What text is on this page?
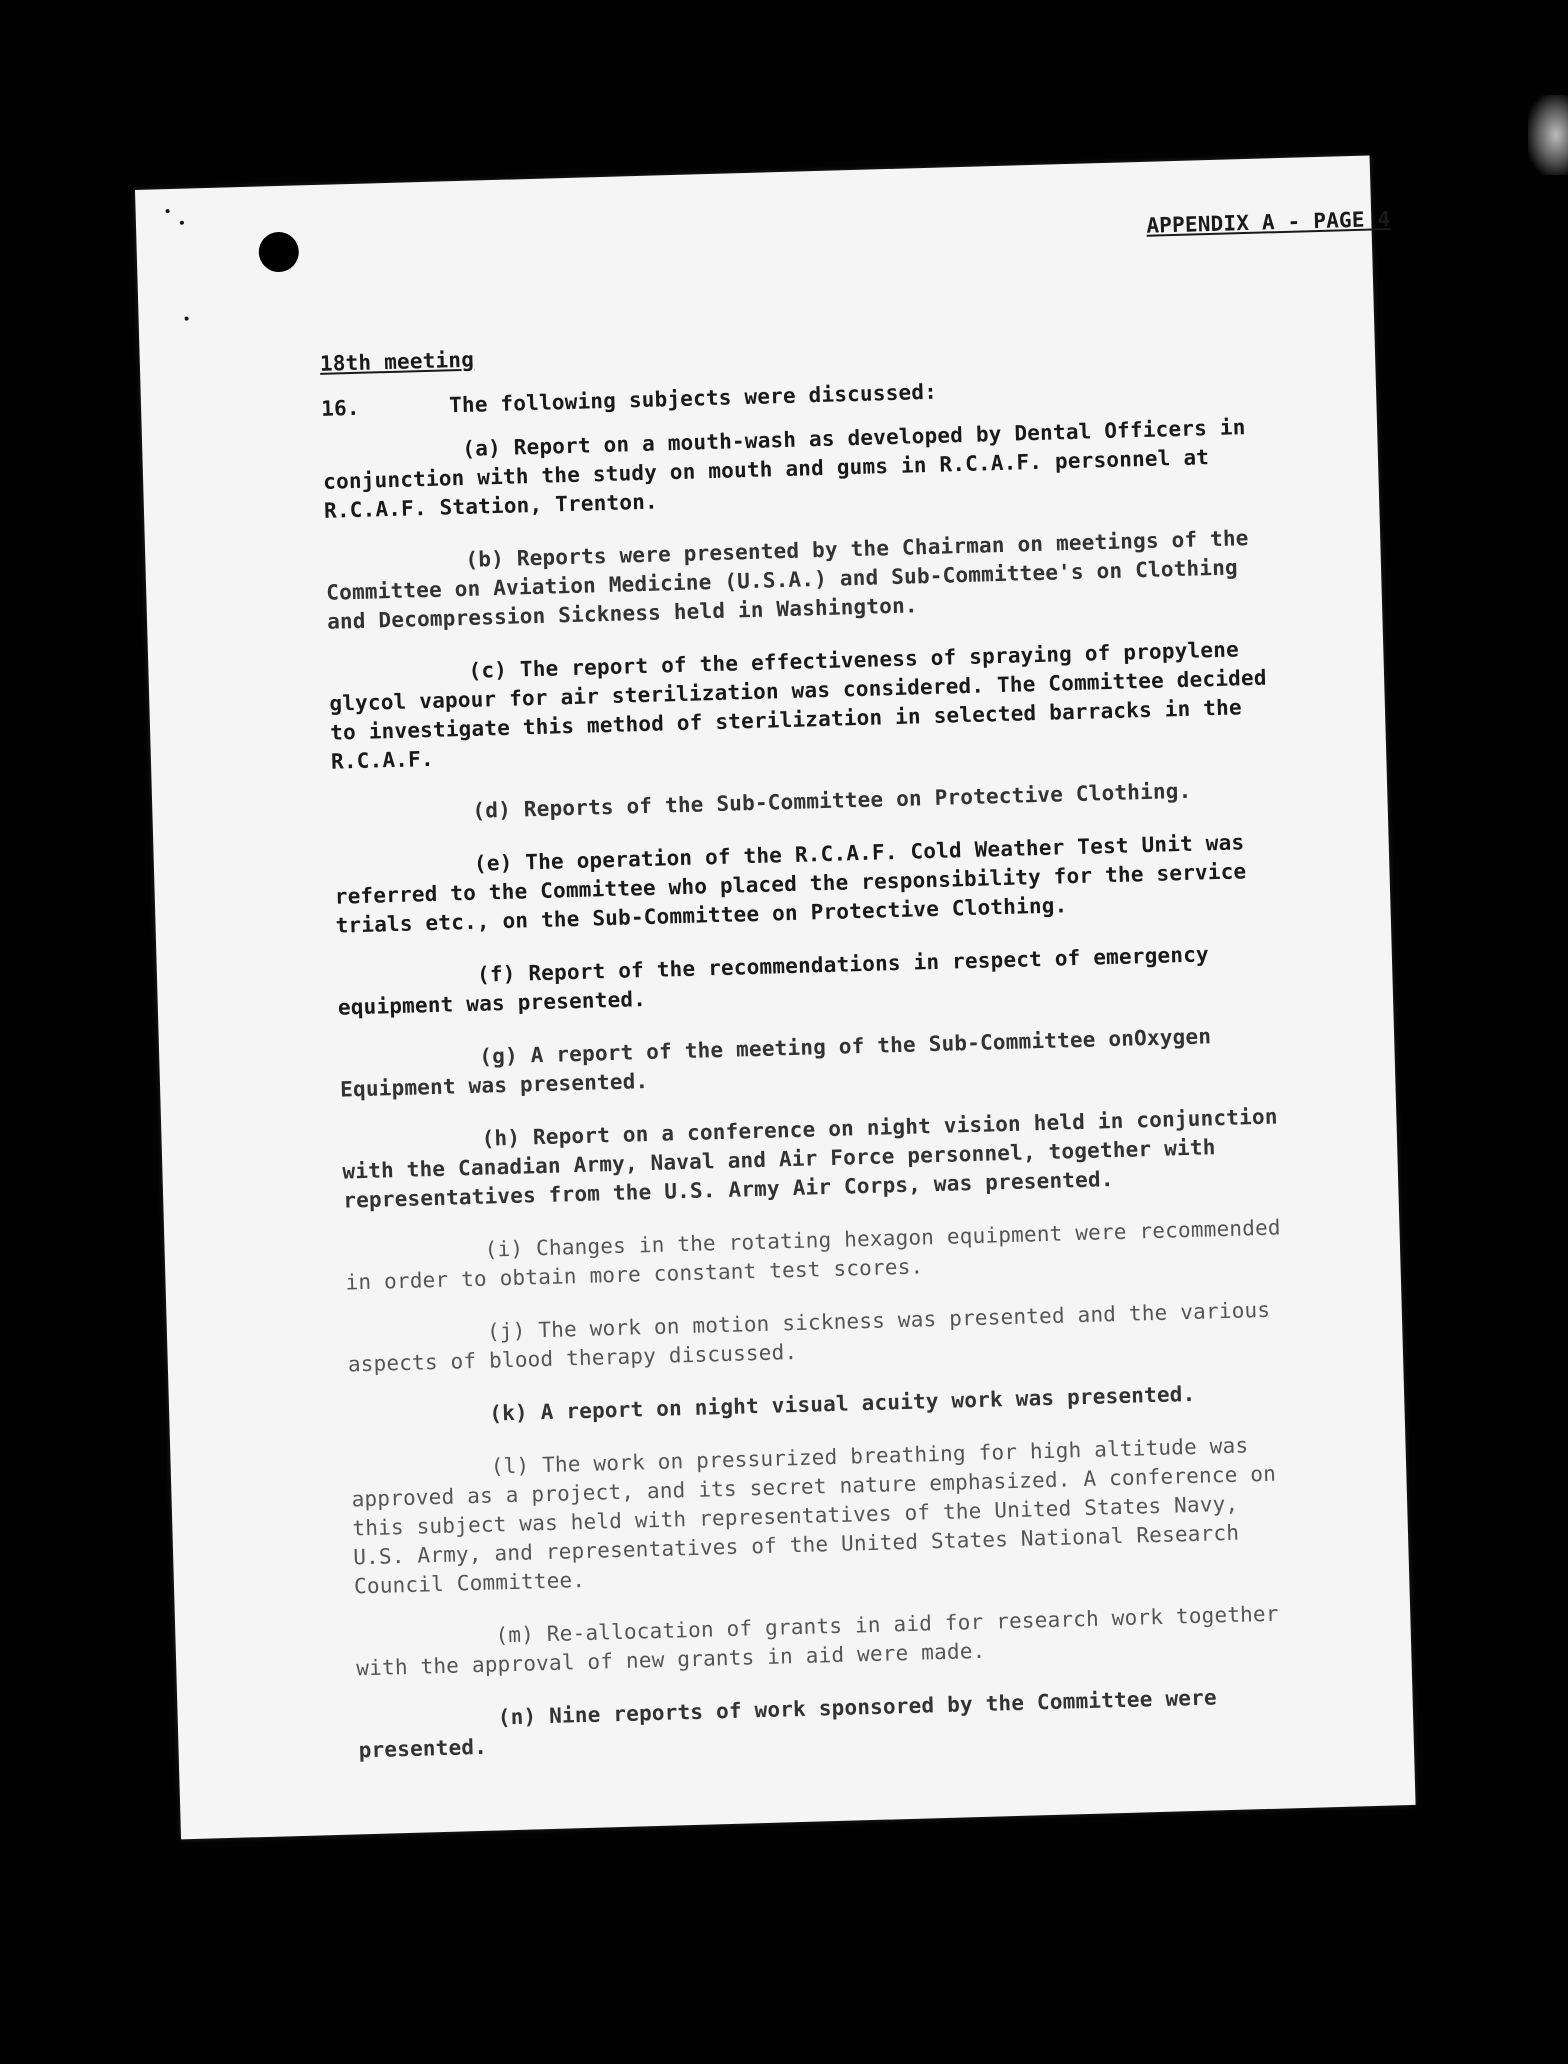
APPENDIX A - PAGE 4
18th meeting
16.	The following subjects were discussed:

(a) Report on a mouth-wash as developed by Dental Officers in conjunction with the study on mouth and gums in R.C.A.F. personnel at R.C.A.F. Station, Trenton.

(b) Reports were presented by the Chairman on meetings of the Committee on Aviation Medicine (U.S.A.) and Sub-Committee's on Clothing and Decompression Sickness held in Washington.

(c) The report of the effectiveness of spraying of propylene glycol vapour for air sterilization was considered. The Committee decided to investigate this method of sterilization in selected barracks in the R.C.A.F.

(d) Reports of the Sub-Committee on Protective Clothing.

(e) The operation of the R.C.A.F. Cold Weather Test Unit was referred to the Committee who placed the responsibility for the service trials etc., on the Sub-Committee on Protective Clothing.

(f) Report of the recommendations in respect of emergency equipment was presented.

(g) A report of the meeting of the Sub-Committee onOxygen Equipment was presented.

(h) Report on a conference on night vision held in conjunction with the Canadian Army, Naval and Air Force personnel, together with representatives from the U.S. Army Air Corps, was presented.

(i) Changes in the rotating hexagon equipment were recommended in order to obtain more constant test scores.

(j) The work on motion sickness was presented and the various aspects of blood therapy discussed.

(k) A report on night visual acuity work was presented.

(l) The work on pressurized breathing for high altitude was approved as a project, and its secret nature emphasized. A conference on this subject was held with representatives of the United States Navy, U.S. Army, and representatives of the United States National Research Council Committee.

(m) Re-allocation of grants in aid for research work together with the approval of new grants in aid were made.

(n) Nine reports of work sponsored by the Committee were presented.
